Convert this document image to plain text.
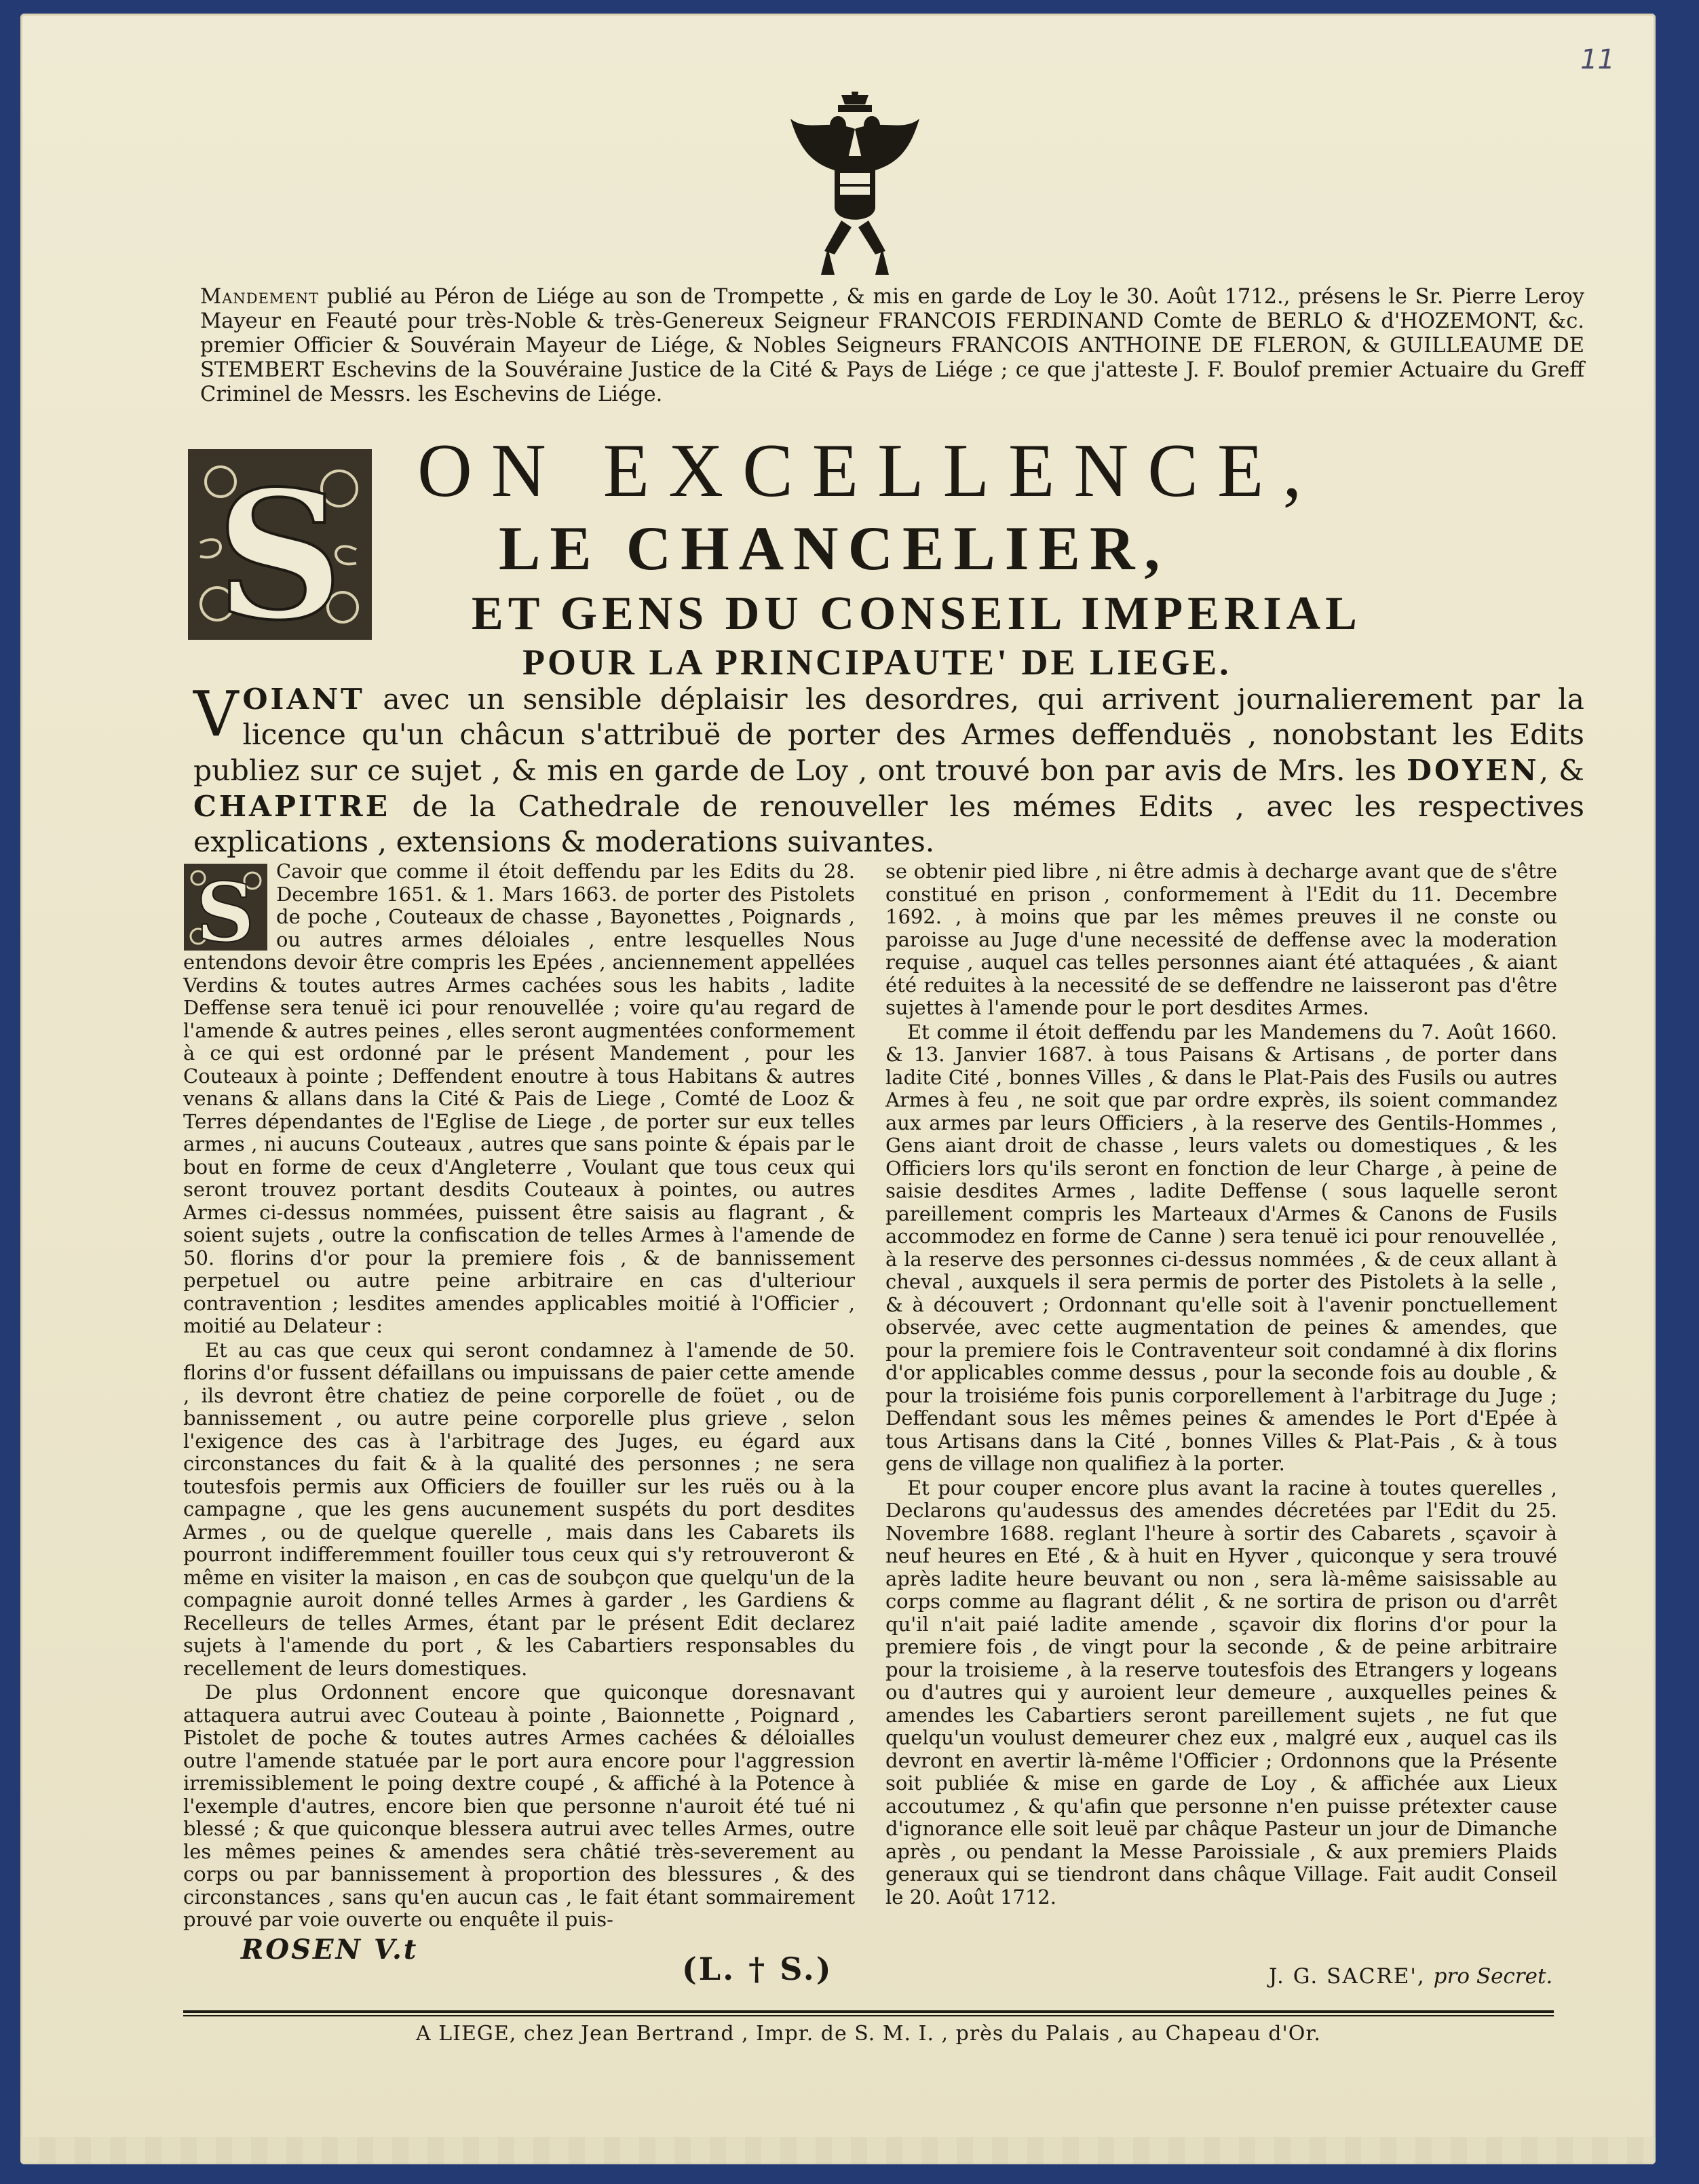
11
Mandement publié au Péron de Liége au son de Trompette , & mis en garde de Loy le 30. Août 1712., présens le Sr. Pierre Leroy Mayeur en Feauté pour très-Noble & très-Genereux Seigneur FRANCOIS FERDINAND Comte de BERLO & d'HOZEMONT, &c. premier Officier & Souvérain Mayeur de Liége, & Nobles Seigneurs FRANCOIS ANTHOINE DE FLERON, & GUILLEAUME DE STEMBERT Eschevins de la Souvéraine Justice de la Cité & Pays de Liége ; ce que j'atteste J. F. Boulof premier Actuaire du Greff Criminel de Messrs. les Eschevins de Liége.
S ON EXCELLENCE,
LE CHANCELIER,
ET GENS DU CONSEIL IMPERIAL
POUR LA PRINCIPAUTE' DE LIEGE.
VOIANT avec un sensible déplaisir les desordres, qui arrivent journalierement par la licence qu'un châcun s'attribuë de porter des Armes deffenduës , nonobstant les Edits publiez sur ce sujet , & mis en garde de Loy , ont trouvé bon par avis de Mrs. les DOYEN, & CHAPITRE de la Cathedrale de renouveller les mémes Edits , avec les respectives explications , extensions & moderations suivantes.
S	Cavoir que comme il étoit deffendu par les Edits du 28. Decembre 1651. & 1. Mars 1663. de porter des Pistolets de poche , Couteaux de chasse , Bayonettes , Poignards , ou autres armes déloiales , entre lesquelles Nous entendons devoir être compris les Epées , anciennement appellées Verdins & toutes autres Armes cachées sous les habits , ladite Deffense sera tenuë ici pour renouvellée ; voire qu'au regard de l'amende & autres peines , elles seront augmentées conformement à ce qui est ordonné par le présent Mandement , pour les Couteaux à pointe ; Deffendent enoutre à tous Habitans & autres venans & allans dans la Cité & Pais de Liege , Comté de Looz & Terres dépendantes de l'Eglise de Liege , de porter sur eux telles armes , ni aucuns Couteaux , autres que sans pointe & épais par le bout en forme de ceux d'Angleterre , Voulant que tous ceux qui seront trouvez portant desdits Couteaux à pointes, ou autres Armes ci-dessus nommées, puissent être saisis au flagrant , & soient sujets , outre la confiscation de telles Armes à l'amende de 50. florins d'or pour la premiere fois , & de bannissement perpetuel ou autre peine arbitraire en cas d'ulteriour contravention ; lesdites amendes applicables moitié à l'Officier , moitié au Delateur :

Et au cas que ceux qui seront condamnez à l'amende de 50. florins d'or fussent défaillans ou impuissans de paier cette amende , ils devront être chatiez de peine corporelle de foüet , ou de bannissement , ou autre peine corporelle plus grieve , selon l'exigence des cas à l'arbitrage des Juges, eu égard aux circonstances du fait & à la qualité des personnes ; ne sera toutesfois permis aux Officiers de fouiller sur les ruës ou à la campagne , que les gens aucunement suspéts du port desdites Armes , ou de quelque querelle , mais dans les Cabarets ils pourront indifferemment fouiller tous ceux qui s'y retrouveront & même en visiter la maison , en cas de soubçon que quelqu'un de la compagnie auroit donné telles Armes à garder , les Gardiens & Recelleurs de telles Armes, étant par le présent Edit declarez sujets à l'amende du port , & les Cabartiers responsables du recellement de leurs domestiques.

De plus Ordonnent encore que quiconque doresnavant attaquera autrui avec Couteau à pointe , Baionnette , Poignard , Pistolet de poche & toutes autres Armes cachées & déloialles outre l'amende statuée par le port aura encore pour l'aggression irremissiblement le poing dextre coupé , & affiché à la Potence à l'exemple d'autres, encore bien que personne n'auroit été tué ni blessé ; & que quiconque blessera autrui avec telles Armes, outre les mêmes peines & amendes sera châtié très-severement au corps ou par bannissement à proportion des blessures , & des circonstances , sans qu'en aucun cas , le fait étant sommairement prouvé par voie ouverte ou enquête il puis-

se obtenir pied libre , ni être admis à decharge avant que de s'être constitué en prison , conformement à l'Edit du 11. Decembre 1692. , à moins que par les mêmes preuves il ne conste ou paroisse au Juge d'une necessité de deffense avec la moderation requise , auquel cas telles personnes aiant été attaquées , & aiant été reduites à la necessité de se deffendre ne laisseront pas d'être sujettes à l'amende pour le port desdites Armes.

Et comme il étoit deffendu par les Mandemens du 7. Août 1660. & 13. Janvier 1687. à tous Paisans & Artisans , de porter dans ladite Cité , bonnes Villes , & dans le Plat-Pais des Fusils ou autres Armes à feu , ne soit que par ordre exprès, ils soient commandez aux armes par leurs Officiers , à la reserve des Gentils-Hommes , Gens aiant droit de chasse , leurs valets ou domestiques , & les Officiers lors qu'ils seront en fonction de leur Charge , à peine de saisie desdites Armes , ladite Deffense ( sous laquelle seront pareillement compris les Marteaux d'Armes & Canons de Fusils accommodez en forme de Canne ) sera tenuë ici pour renouvellée , à la reserve des personnes ci-dessus nommées , & de ceux allant à cheval , auxquels il sera permis de porter des Pistolets à la selle , & à découvert ; Ordonnant qu'elle soit à l'avenir ponctuellement observée, avec cette augmentation de peines & amendes, que pour la premiere fois le Contraventeur soit condamné à dix florins d'or applicables comme dessus , pour la seconde fois au double , & pour la troisiéme fois punis corporellement à l'arbitrage du Juge ; Deffendant sous les mêmes peines & amendes le Port d'Epée à tous Artisans dans la Cité , bonnes Villes & Plat-Pais , & à tous gens de village non qualifiez à la porter.

Et pour couper encore plus avant la racine à toutes querelles , Declarons qu'audessus des amendes décretées par l'Edit du 25. Novembre 1688. reglant l'heure à sortir des Cabarets , sçavoir à neuf heures en Eté , & à huit en Hyver , quiconque y sera trouvé après ladite heure beuvant ou non , sera là-même saisissable au corps comme au flagrant délit , & ne sortira de prison ou d'arrêt qu'il n'ait paié ladite amende , sçavoir dix florins d'or pour la premiere fois , de vingt pour la seconde , & de peine arbitraire pour la troisieme , à la reserve toutesfois des Etrangers y logeans ou d'autres qui y auroient leur demeure , auxquelles peines & amendes les Cabartiers seront pareillement sujets , ne fut que quelqu'un voulust demeurer chez eux , malgré eux , auquel cas ils devront en avertir là-même l'Officier ; Ordonnons que la Présente soit publiée & mise en garde de Loy , & affichée aux Lieux accoutumez , & qu'afin que personne n'en puisse prétexter cause d'ignorance elle soit leuë par châque Pasteur un jour de Dimanche après , ou pendant la Messe Paroissiale , & aux premiers Plaids generaux qui se tiendront dans châque Village. Fait audit Conseil le 20. Août 1712.

ROSEN V.t
(L. † S.)	J. G. SACRE', pro Secret.
A LIEGE, chez Jean Bertrand , Impr. de S. M. I. , près du Palais , au Chapeau d'Or.
